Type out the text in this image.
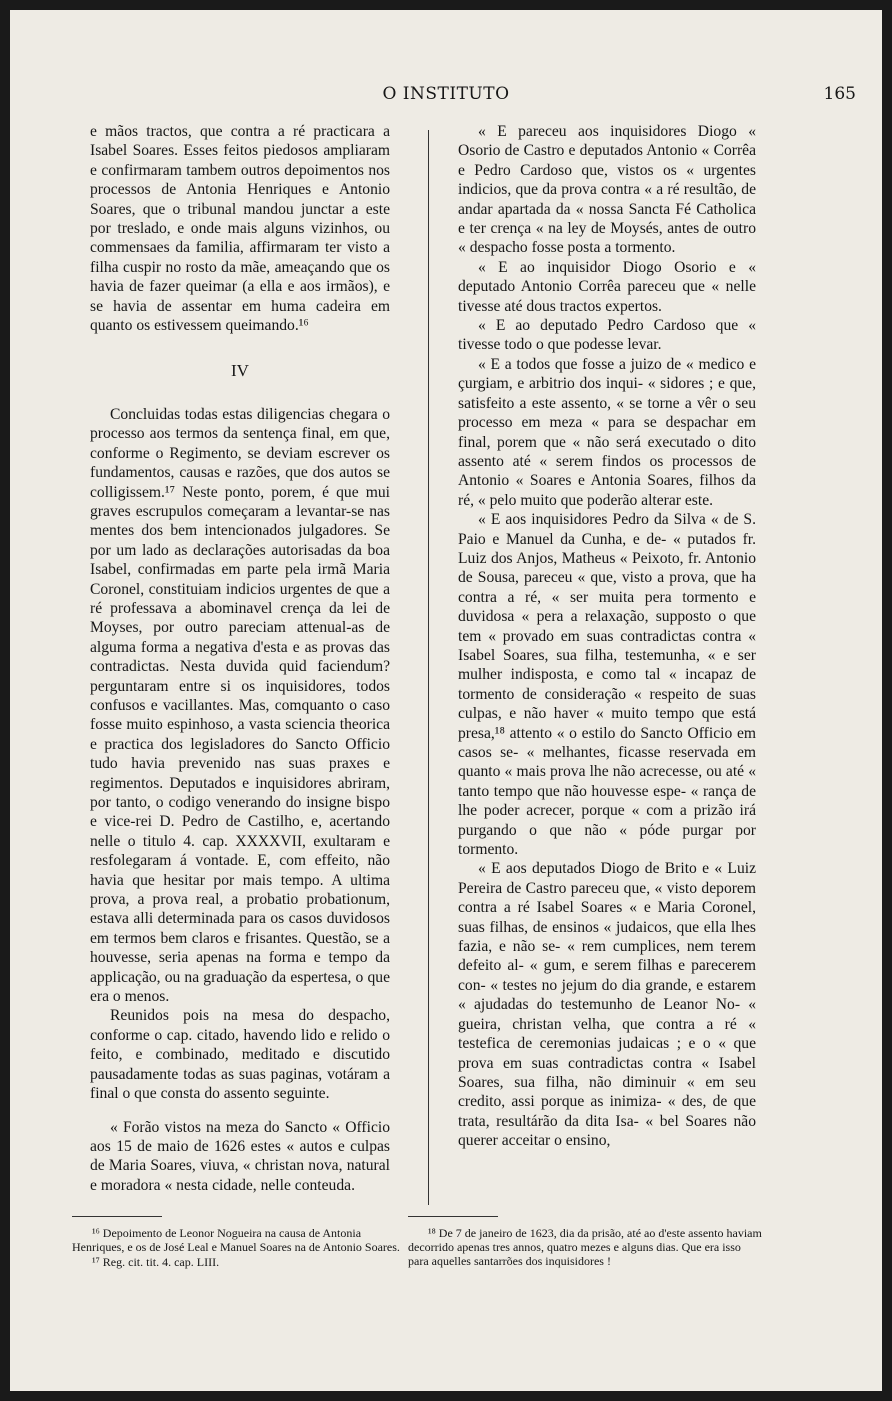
O INSTITUTO	165

e mãos tractos, que contra a ré practicara a Isabel Soares. Esses feitos piedosos ampliaram e confirmaram tambem outros depoimentos nos processos de Antonia Henriques e Antonio Soares, que o tribunal mandou junctar a este por treslado, e onde mais alguns vizinhos, ou commensaes da familia, affirmaram ter visto a filha cuspir no rosto da mãe, ameaçando que os havia de fazer queimar (a ella e aos irmãos), e se havia de assentar em huma cadeira em quanto os estivessem queimando.¹⁶

IV

Concluidas todas estas diligencias chegara o processo aos termos da sentença final, em que, conforme o Regimento, se deviam escrever os fundamentos, causas e razões, que dos autos se colligissem.¹⁷ Neste ponto, porem, é que mui graves escrupulos começaram a levantar-se nas mentes dos bem intencionados julgadores. Se por um lado as declarações autorisadas da boa Isabel, confirmadas em parte pela irmã Maria Coronel, constituiam indicios urgentes de que a ré professava a abominavel crença da lei de Moyses, por outro pareciam attenual-as de alguma forma a negativa d'esta e as provas das contradictas. Nesta duvida quid faciendum? perguntaram entre si os inquisidores, todos confusos e vacillantes. Mas, comquanto o caso fosse muito espinhoso, a vasta sciencia theorica e practica dos legisladores do Sancto Officio tudo havia prevenido nas suas praxes e regimentos. Deputados e inquisidores abriram, por tanto, o codigo venerando do insigne bispo e vice-rei D. Pedro de Castilho, e, acertando nelle o titulo 4. cap. XXXXVII, exultaram e resfolegaram á vontade. E, com effeito, não havia que hesitar por mais tempo. A ultima prova, a prova real, a probatio probationum, estava alli determinada para os casos duvidosos em termos bem claros e frisantes. Questão, se a houvesse, seria apenas na forma e tempo da applicação, ou na graduação da espertesa, o que era o menos.

Reunidos pois na mesa do despacho, conforme o cap. citado, havendo lido e relido o feito, e combinado, meditado e discutido pausadamente todas as suas paginas, votáram a final o que consta do assento seguinte.

« Forão vistos na meza do Sancto « Officio aos 15 de maio de 1626 estes « autos e culpas de Maria Soares, viuva, « christan nova, natural e moradora « nesta cidade, nelle conteuda.

« E pareceu aos inquisidores Diogo « Osorio de Castro e deputados Antonio « Corrêa e Pedro Cardoso que, vistos os « urgentes indicios, que da prova contra « a ré resultão, de andar apartada da « nossa Sancta Fé Catholica e ter crença « na ley de Moysés, antes de outro « despacho fosse posta a tormento.

« E ao inquisidor Diogo Osorio e « deputado Antonio Corrêa pareceu que « nelle tivesse até dous tractos expertos.

« E ao deputado Pedro Cardoso que « tivesse todo o que podesse levar.

« E a todos que fosse a juizo de « medico e çurgiam, e arbitrio dos inqui- « sidores ; e que, satisfeito a este assento, « se torne a vêr o seu processo em meza « para se despachar em final, porem que « não será executado o dito assento até « serem findos os processos de Antonio « Soares e Antonia Soares, filhos da ré, « pelo muito que poderão alterar este.

« E aos inquisidores Pedro da Silva « de S. Paio e Manuel da Cunha, e de- « putados fr. Luiz dos Anjos, Matheus « Peixoto, fr. Antonio de Sousa, pareceu « que, visto a prova, que ha contra a ré, « ser muita pera tormento e duvidosa « pera a relaxação, supposto o que tem « provado em suas contradictas contra « Isabel Soares, sua filha, testemunha, « e ser mulher indisposta, e como tal « incapaz de tormento de consideração « respeito de suas culpas, e não haver « muito tempo que está presa,¹⁸ attento « o estilo do Sancto Officio em casos se- « melhantes, ficasse reservada em quanto « mais prova lhe não acrecesse, ou até « tanto tempo que não houvesse espe- « rança de lhe poder acrecer, porque « com a prizão irá purgando o que não « póde purgar por tormento.

« E aos deputados Diogo de Brito e « Luiz Pereira de Castro pareceu que, « visto deporem contra a ré Isabel Soares « e Maria Coronel, suas filhas, de ensinos « judaicos, que ella lhes fazia, e não se- « rem cumplices, nem terem defeito al- « gum, e serem filhas e parecerem con- « testes no jejum do dia grande, e estarem « ajudadas do testemunho de Leanor No- « gueira, christan velha, que contra a ré « testefica de ceremonias judaicas ; e o « que prova em suas contradictas contra « Isabel Soares, sua filha, não diminuir « em seu credito, assi porque as inimiza- « des, de que trata, resultárão da dita Isa- « bel Soares não querer acceitar o ensino,

¹⁶ Depoimento de Leonor Nogueira na causa de Antonia Henriques, e os de José Leal e Manuel Soares na de Antonio Soares.

¹⁷ Reg. cit. tit. 4. cap. LIII.

¹⁸ De 7 de janeiro de 1623, dia da prisão, até ao d'este assento haviam decorrido apenas tres annos, quatro mezes e alguns dias. Que era isso para aquelles santarrões dos inquisidores !
